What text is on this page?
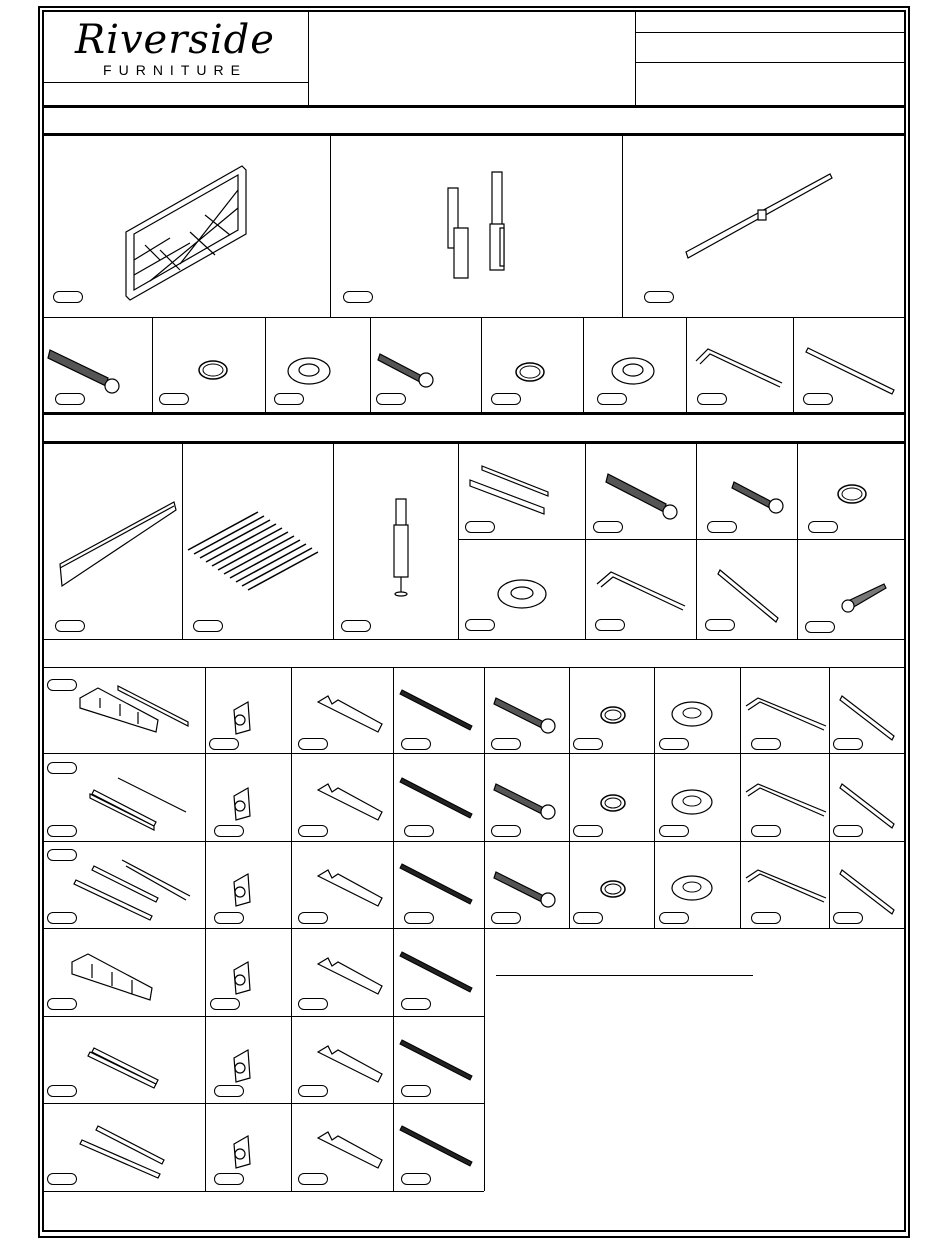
Riverside
FURNITURE
